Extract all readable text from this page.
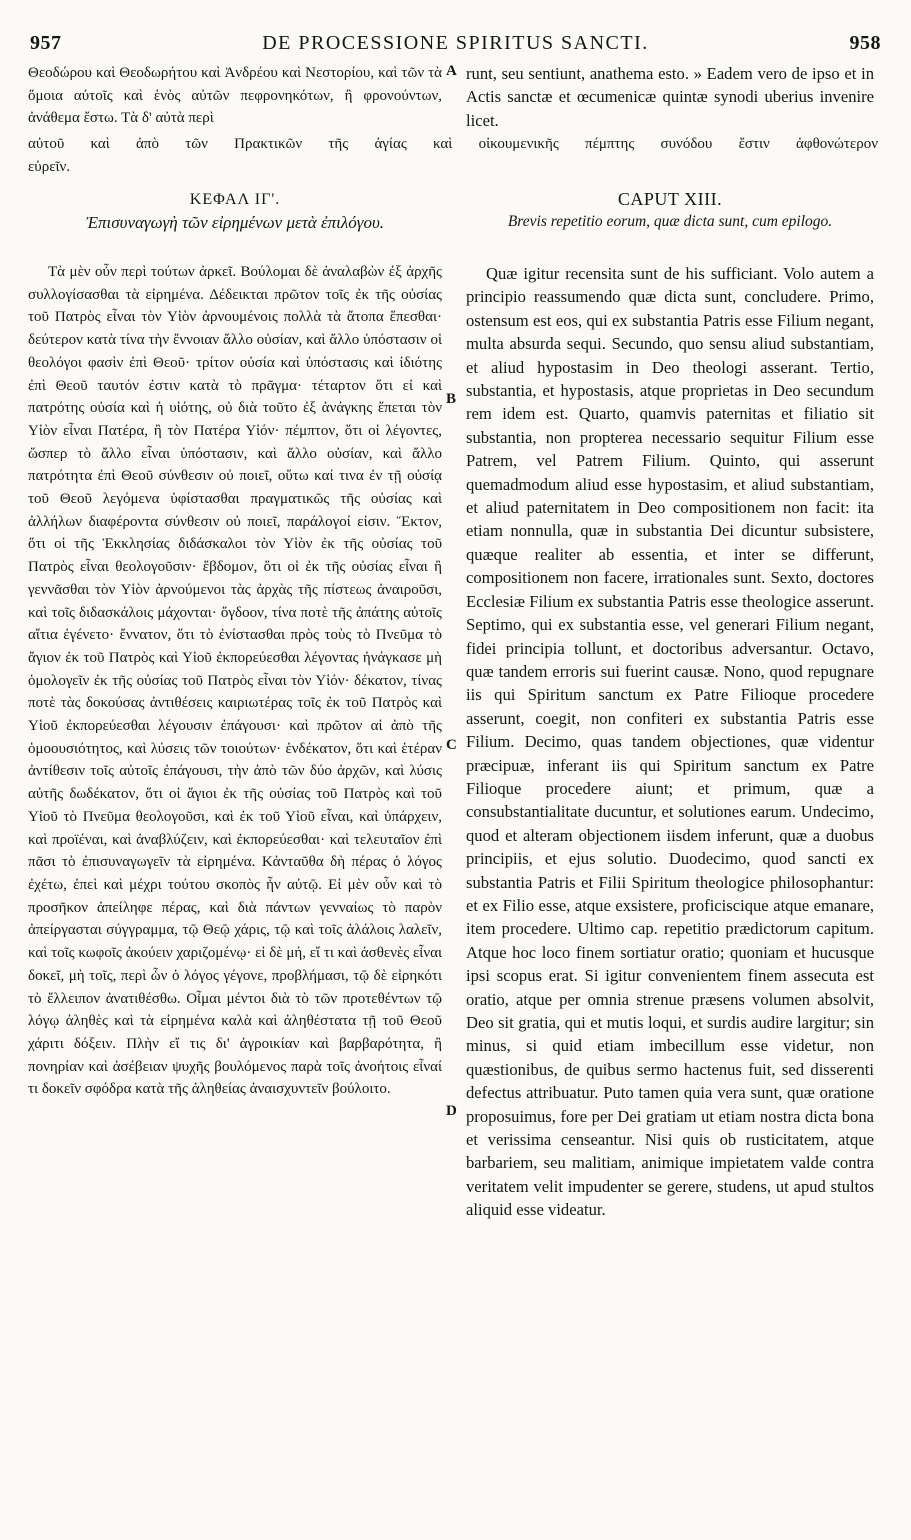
957	DE PROCESSIONE SPIRITUS SANCTI.	958
Θεοδώρου καὶ Θεοδωρήτου καὶ Ἀνδρέου καὶ Νεστορίου, καὶ τῶν τὰ ὅμοια αὐτοῖς καὶ ἑνὸς αὐτῶν πεφρονηκότων, ἢ φρονούντων, ἀνάθεμα ἔστω. Τὰ δ' αὐτὰ περὶ
A runt, seu sentiunt, anathema esto. » Eadem vero de ipso et in Actis sanctæ et œcumenicæ quintæ synodi uberius invenire licet.
αὐτοῦ καὶ ἀπὸ τῶν Πρακτικῶν τῆς ἁγίας καὶ οἰκουμενικῆς πέμπτης συνόδου ἔστιν ἀφθονώτερον
εὑρεῖν.
ΚΕΦΑΛ ΙΓ'.
Ἐπισυναγωγὴ τῶν εἰρημένων μετὰ ἐπιλόγου.
CAPUT XIII.
Brevis repetitio eorum, quæ dicta sunt, cum epilogo.
Τὰ μὲν οὖν περὶ τούτων ἀρκεῖ. Βούλομαι δὲ ἀναλαβὼν ἐξ ἀρχῆς συλλογίσασθαι τὰ εἰρημένα. Δέδεικται πρῶτον τοῖς ἐκ τῆς οὐσίας τοῦ Πατρὸς εἶναι τὸν Υἱὸν ἀρνουμένοις πολλὰ τὰ ἄτοπα ἕπεσθαι· δεύτερον κατὰ τίνα τὴν ἔννοιαν ἄλλο οὐσίαν, καὶ ἄλλο ὑπόστασιν οἱ θεολόγοι φασὶν ἐπὶ Θεοῦ· τρίτον οὐσία καὶ ὑπόστασις καὶ ἰδιότης ἐπὶ Θεοῦ ταυτόν ἐστιν κατὰ τὸ πρᾶγμα· τέταρτον ὅτι εἰ καὶ πατρότης οὐσία καὶ ἡ υἱότης, οὐ διὰ τοῦτο ἐξ ἀνάγκης ἕπεται τὸν Υἱὸν εἶναι Πατέρα, ἢ τὸν Πατέρα Υἱόν· πέμπτον, ὅτι οἱ λέγοντες, ὥσπερ τὸ ἄλλο εἶναι ὑπόστασιν, καὶ ἄλλο οὐσίαν, καὶ ἄλλο πατρότητα ἐπὶ Θεοῦ σύνθεσιν οὐ ποιεῖ, οὕτω καί τινα ἐν τῇ οὐσίᾳ τοῦ Θεοῦ λεγόμενα ὑφίστασθαι πραγματικῶς τῆς οὐσίας καὶ ἀλλήλων διαφέροντα σύνθεσιν οὐ ποιεῖ, παράλογοί εἰσιν. Ἕκτον, ὅτι οἱ τῆς Ἐκκλησίας διδάσκαλοι τὸν Υἱὸν ἐκ τῆς οὐσίας τοῦ Πατρὸς εἶναι θεολογοῦσιν· ἕβδομον, ὅτι οἱ ἐκ τῆς οὐσίας εἶναι ἢ γεννᾶσθαι τὸν Υἱὸν ἀρνούμενοι τὰς ἀρχὰς τῆς πίστεως ἀναιροῦσι, καὶ τοῖς διδασκάλοις μάχονται· ὄγδοον, τίνα ποτὲ τῆς ἀπάτης αὐτοῖς αἴτια ἐγένετο· ἔννατον, ὅτι τὸ ἐνίστασθαι πρὸς τοὺς τὸ Πνεῦμα τὸ ἅγιον ἐκ τοῦ Πατρὸς καὶ Υἱοῦ ἐκπορεύεσθαι λέγοντας ἠνάγκασε μὴ ὁμολογεῖν ἐκ τῆς οὐσίας τοῦ Πατρὸς εἶναι τὸν Υἱόν· δέκατον, τίνας ποτὲ τὰς δοκούσας ἀντιθέσεις καιριωτέρας τοῖς ἐκ τοῦ Πατρὸς καὶ Υἱοῦ ἐκπορεύεσθαι λέγουσιν ἐπάγουσι· καὶ πρῶτον αἱ ἀπὸ τῆς ὁμοουσιότητος, καὶ λύσεις τῶν τοιούτων· ἑνδέκατον, ὅτι καὶ ἑτέραν ἀντίθεσιν τοῖς αὐτοῖς ἐπάγουσι, τὴν ἀπὸ τῶν δύο ἀρχῶν, καὶ λύσις αὐτῆς δωδέκατον, ὅτι οἱ ἅγιοι ἐκ τῆς οὐσίας τοῦ Πατρὸς καὶ τοῦ Υἱοῦ τὸ Πνεῦμα θεολογοῦσι, καὶ ἐκ τοῦ Υἱοῦ εἶναι, καὶ ὑπάρχειν, καὶ προϊέναι, καὶ ἀναβλύζειν, καὶ ἐκπορεύεσθαι· καὶ τελευταῖον ἐπὶ πᾶσι τὸ ἐπισυναγωγεῖν τὰ εἰρημένα. Κἀνταῦθα δὴ πέρας ὁ λόγος ἐχέτω, ἐπεὶ καὶ μέχρι τούτου σκοπὸς ἦν αὐτῷ. Εἰ μὲν οὖν καὶ τὸ προσῆκον ἀπείληφε πέρας, καὶ διὰ πάντων γενναίως τὸ παρὸν ἀπείργασται σύγγραμμα, τῷ Θεῷ χάρις, τῷ καὶ τοῖς ἀλάλοις λαλεῖν, καὶ τοῖς κωφοῖς ἀκούειν χαριζομένῳ· εἰ δὲ μή, εἴ τι καὶ ἀσθενὲς εἶναι δοκεῖ, μὴ τοῖς, περὶ ὧν ὁ λόγος γέγονε, προβλήμασι, τῷ δὲ εἰρηκότι τὸ ἔλλειπον ἀνατιθέσθω. Οἶμαι μέντοι διὰ τὸ τῶν προτεθέντων τῷ λόγῳ ἀληθὲς καὶ τὰ εἰρημένα καλὰ καὶ ἀληθέστατα τῇ τοῦ Θεοῦ χάριτι δόξειν. Πλὴν εἴ τις δι' ἀγροικίαν καὶ βαρβαρότητα, ἢ πονηρίαν καὶ ἀσέβειαν ψυχῆς βουλόμενος παρὰ τοῖς ἀνοήτοις εἶναί τι δοκεῖν σφόδρα κατὰ τῆς ἀληθείας ἀναισχυντεῖν βούλοιτο.
Quæ igitur recensita sunt de his sufficiant. Volo autem a principio reassumendo quæ dicta sunt, concludere. Primo, ostensum est eos, qui ex substantia Patris esse Filium negant, multa absurda sequi. Secundo, quo sensu aliud substantiam, et aliud hypostasim in Deo theologi asserant. Tertio, substantia, et hypostasis, atque proprietas in Deo secundum rem idem est. Quarto, quamvis paternitas et filiatio sit substantia, non propterea necessario sequitur Filium esse Patrem, vel Patrem Filium. Quinto, qui asserunt quemadmodum aliud esse hypostasim, et aliud substantiam, et aliud paternitatem in Deo compositionem non facit: ita etiam nonnulla, quæ in substantia Dei dicuntur subsistere, quæque realiter ab essentia, et inter se differunt, compositionem non facere, irrationales sunt. Sexto, doctores Ecclesiæ Filium ex substantia Patris esse theologice asserunt. Septimo, qui ex substantia esse, vel generari Filium negant, fidei principia tollunt, et doctoribus adversantur. Octavo, quæ tandem erroris sui fuerint causæ. Nono, quod repugnare iis qui Spiritum sanctum ex Patre Filioque procedere asserunt, coegit, non confiteri ex substantia Patris esse Filium. Decimo, quas tandem objectiones, quæ videntur præcipuæ, inferant iis qui Spiritum sanctum ex Patre Filioque procedere aiunt; et primum, quæ a consubstantialitate ducuntur, et solutiones earum. Undecimo, quod et alteram objectionem iisdem inferunt, quæ a duobus principiis, et ejus solutio. Duodecimo, quod sancti ex substantia Patris et Filii Spiritum theologice philosophantur: et ex Filio esse, atque exsistere, proficiscique atque emanare, item procedere. Ultimo cap. repetitio prædictorum capitum. Atque hoc loco finem sortiatur oratio; quoniam et hucusque ipsi scopus erat. Si igitur convenientem finem assecuta est oratio, atque per omnia strenue præsens volumen absolvit, Deo sit gratia, qui et mutis loqui, et surdis audire largitur; sin minus, si quid etiam imbecillum esse videtur, non quæstionibus, de quibus sermo hactenus fuit, sed disserenti defectus attribuatur. Puto tamen quia vera sunt, quæ oratione proposuimus, fore per Dei gratiam ut etiam nostra dicta bona et verissima censeantur. Nisi quis ob rusticitatem, atque barbariem, seu malitiam, animique impietatem valde contra veritatem velit impudenter se gerere, studens, ut apud stultos aliquid esse videatur.
B
C
D
